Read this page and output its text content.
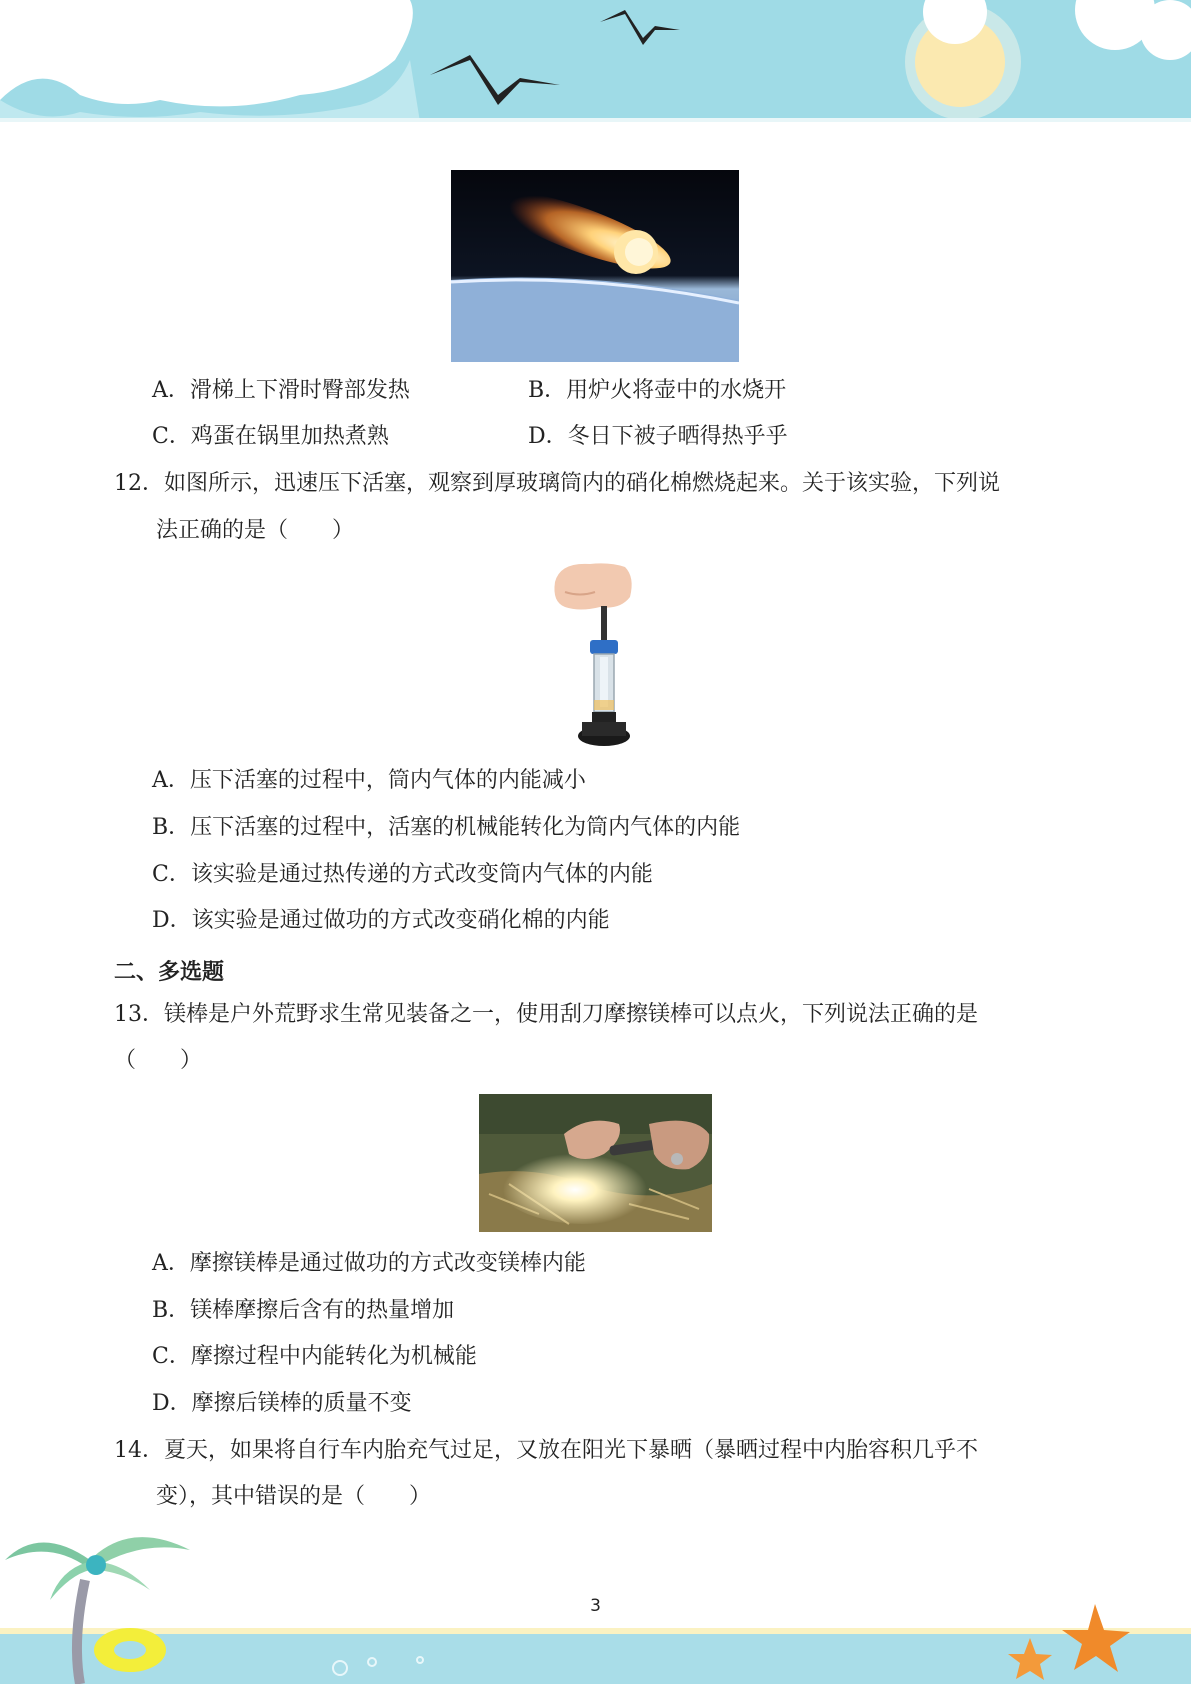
A．滑梯上下滑时臀部发热	B．用炉火将壶中的水烧开
C．鸡蛋在锅里加热煮熟	D．冬日下被子晒得热乎乎
12．如图所示，迅速压下活塞，观察到厚玻璃筒内的硝化棉燃烧起来。关于该实验，下列说
法正确的是（　　）
A．压下活塞的过程中，筒内气体的内能减小
B．压下活塞的过程中，活塞的机械能转化为筒内气体的内能
C．该实验是通过热传递的方式改变筒内气体的内能
D．该实验是通过做功的方式改变硝化棉的内能
二、多选题
13．镁棒是户外荒野求生常见装备之一，使用刮刀摩擦镁棒可以点火，下列说法正确的是
（　　）
A．摩擦镁棒是通过做功的方式改变镁棒内能
B．镁棒摩擦后含有的热量增加
C．摩擦过程中内能转化为机械能
D．摩擦后镁棒的质量不变
14．夏天，如果将自行车内胎充气过足，又放在阳光下暴晒（暴晒过程中内胎容积几乎不
变），其中错误的是（　　）
3
